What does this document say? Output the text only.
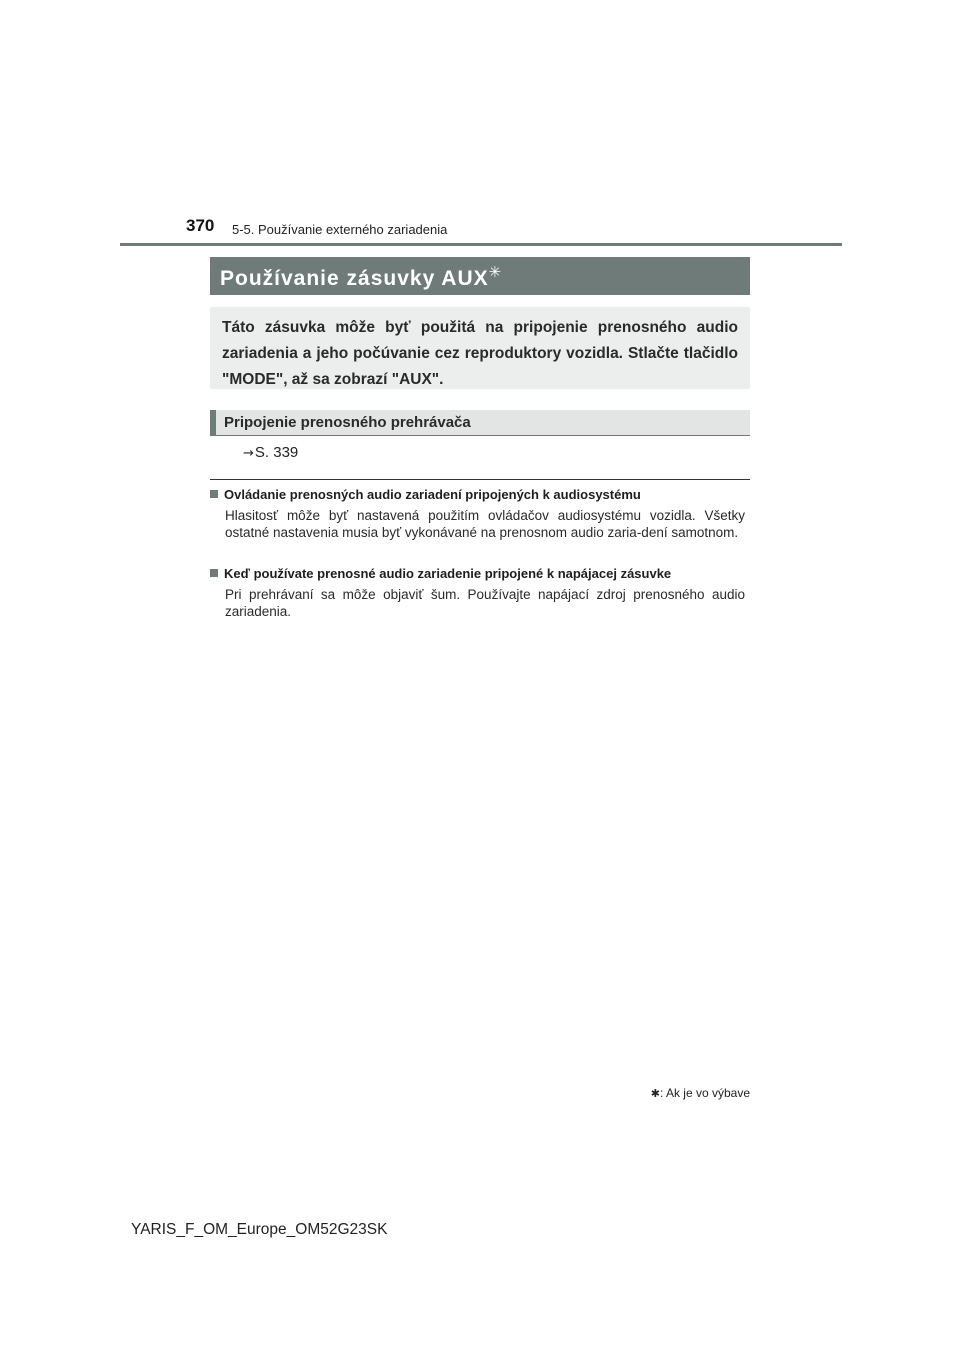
370 5-5. Používanie externého zariadenia
Používanie zásuvky AUX✳
Táto zásuvka môže byť použitá na pripojenie prenosného audio zariadenia a jeho počúvanie cez reproduktory vozidla. Stlačte tlačidlo "MODE", až sa zobrazí "AUX".
Pripojenie prenosného prehrávača
→S. 339
Ovládanie prenosných audio zariadení pripojených k audiosystému
Hlasitosť môže byť nastavená použitím ovládačov audiosystému vozidla. Všetky ostatné nastavenia musia byť vykonávané na prenosnom audio zaria-dení samotnom.
Keď používate prenosné audio zariadenie pripojené k napájacej zásuvke
Pri prehrávaní sa môže objaviť šum. Používajte napájací zdroj prenosného audio zariadenia.
✱: Ak je vo výbave
YARIS_F_OM_Europe_OM52G23SK
